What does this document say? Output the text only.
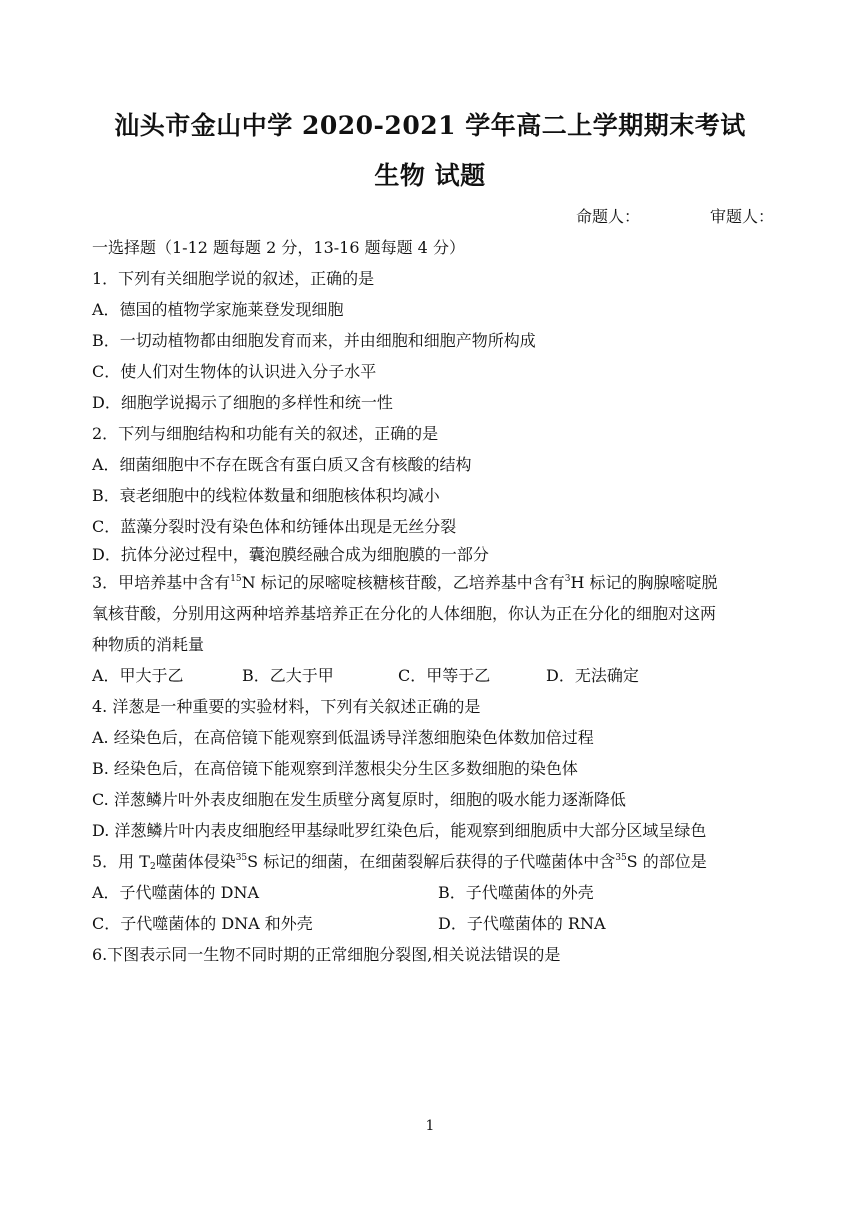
汕头市金山中学 2020-2021 学年高二上学期期末考试
生物 试题
命题人：	审题人：
一选择题（1-12 题每题 2 分，13-16 题每题 4 分）
1．下列有关细胞学说的叙述，正确的是
A．德国的植物学家施莱登发现细胞
B．一切动植物都由细胞发育而来，并由细胞和细胞产物所构成
C．使人们对生物体的认识进入分子水平
D．细胞学说揭示了细胞的多样性和统一性
2．下列与细胞结构和功能有关的叙述，正确的是
A．细菌细胞中不存在既含有蛋白质又含有核酸的结构
B．衰老细胞中的线粒体数量和细胞核体积均减小
C．蓝藻分裂时没有染色体和纺锤体出现是无丝分裂
D．抗体分泌过程中，囊泡膜经融合成为细胞膜的一部分
3．甲培养基中含有$^{15}$N 标记的尿嘧啶核糖核苷酸，乙培养基中含有$^3$H 标记的胸腺嘧啶脱
氧核苷酸，分别用这两种培养基培养正在分化的人体细胞，你认为正在分化的细胞对这两
种物质的消耗量
A．甲大于乙	B．乙大于甲	C．甲等于乙	D．无法确定
4. 洋葱是一种重要的实验材料，下列有关叙述正确的是
A. 经染色后，在高倍镜下能观察到低温诱导洋葱细胞染色体数加倍过程
B. 经染色后，在高倍镜下能观察到洋葱根尖分生区多数细胞的染色体
C. 洋葱鳞片叶外表皮细胞在发生质壁分离复原时，细胞的吸水能力逐渐降低
D. 洋葱鳞片叶内表皮细胞经甲基绿吡罗红染色后，能观察到细胞质中大部分区域呈绿色
5．用 $T_2$噬菌体侵染$^{35}$S 标记的细菌，在细菌裂解后获得的子代噬菌体中含$^{35}$S 的部位是
A．子代噬菌体的 DNA	B．子代噬菌体的外壳
C．子代噬菌体的 DNA 和外壳	D．子代噬菌体的 RNA
6.下图表示同一生物不同时期的正常细胞分裂图,相关说法错误的是
1
